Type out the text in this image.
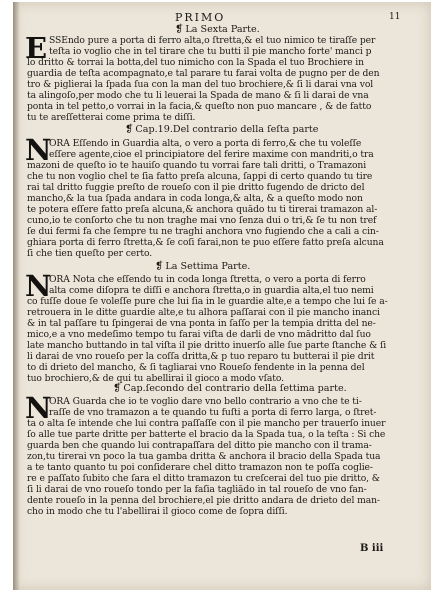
PRIMO	11
❡ La Sexta Parte.
E SSEndo pure a porta di ferro alta,o ſtretta,& el tuo nimico te tiraſſe per
teſta io voglio che in tel tirare che tu butti il pie mancho forte' manci p
lo dritto & torrai la botta,del tuo nimicho con la Spada el tuo Brochiere in
guardia de teſta acompagnato,e tal parare tu farai volta de pugno per de den
tro & piglierai la ſpada ſua con la man del tuo brochiere,& ſi li darai vna vol
ta alingoſo,per modo che tu li leuerai la Spada de mano & ſi li darai de vna
ponta in tel petto,o vorrai in la facia,& queſto non puo mancare , & de fatto
tu te areſſetterai come prima te diſſi.
❡ Cap.19.Del contrario della ſeſta parte
N
ORA Eſſendo in Guardia alta, o vero a porta di ferro,& che tu voleſſe
eſſere agente,cioe el principiatore del ferire maxime con mandriti,o tra
mazoni de queſto io te hauiſo quando tu vorrai fare tali dritti, o Tramazoni
che tu non voglio chel te ſia fatto preſa alcuna, ſappi di certo quando tu tire
rai tal dritto fuggie preſto de roueſo con il pie dritto fugendo de dricto del
mancho,& la tua ſpada andara in coda longa,& alta, & a queſto modo non
te potera eſſere fatto preſa alcuna,& anchora quādo tu ti tirerai tramazon al-
cuno,io te conſorto che tu non traghe mai vno ſenza dui o tri,& ſe tu non tref
ſe dui fermi fa che ſempre tu ne traghi anchora vno fugiendo che a cali a cin-
ghiara porta di ferro ſtretta,& ſe coſi farai,non te puo eſſere fatto preſa alcuna
ſi che tien queſto per certo.
❡ La Settima Parte.
N
ORA Nota che eſſendo tu in coda longa ſtretta, o vero a porta di ferro
alta come diſopra te diſſi e anchora ſtretta,o in guardia alta,el tuo nemi
co fuſſe doue ſe voleſſe pure che lui ſia in le guardie alte,e a tempo che lui ſe a-
retrouera in le ditte guardie alte,e tu alhora paſſarai con il pie mancho inanci
& in tal paſſare tu ſpingerai de vna ponta in ſaſſo per la tempia dritta del ne-
mico,e a vno medeſimo tempo tu farai viſta de darli de vno mādritto dal ſuo
late mancho buttando in tal viſta il pie dritto inuerſo alle ſue parte ſtanche & ſi
li darai de vno roueſo per la coſſa dritta,& p tuo reparo tu butterai il pie drit
to di drieto del mancho, & ſi tagliarai vno Roueſo fendente in la penna del
tuo brochiero,& de qui tu abellirai il gioco a modo vſato.
❡ Cap.ſecondo del contrario della ſettima parte.
N
ORA Guarda che io te voglio dare vno bello contrario a vno che te ti-
raſſe de vno tramazon a te quando tu fuſti a porta di ferro larga, o ſtret-
ta o alta ſe intende che lui contra paſſaſſe con il pie mancho per trauerſo inuer
ſo alle tue parte dritte per batterte el bracio da la Spada tua, o la teſta : Si che
guarda ben che quando lui contrapaſſara del ditto pie mancho con il trama-
zon,tu tirerai vn poco la tua gamba dritta & anchora il bracio della Spada tua
a te tanto quanto tu poi conſiderare chel ditto tramazon non te poſſa coglie-
re e paſſato ſubito che ſara el ditto tramazon tu creſcerai del tuo pie dritto, &
ſi li darai de vno roueſo tondo per la faſia tagliādo in tal roueſo de vno fan-
dente roueſo in la penna del brochiere,el pie dritto andara de drieto del man-
cho in modo che tu l'abellirai il gioco come de ſopra diſſi.
B iii
